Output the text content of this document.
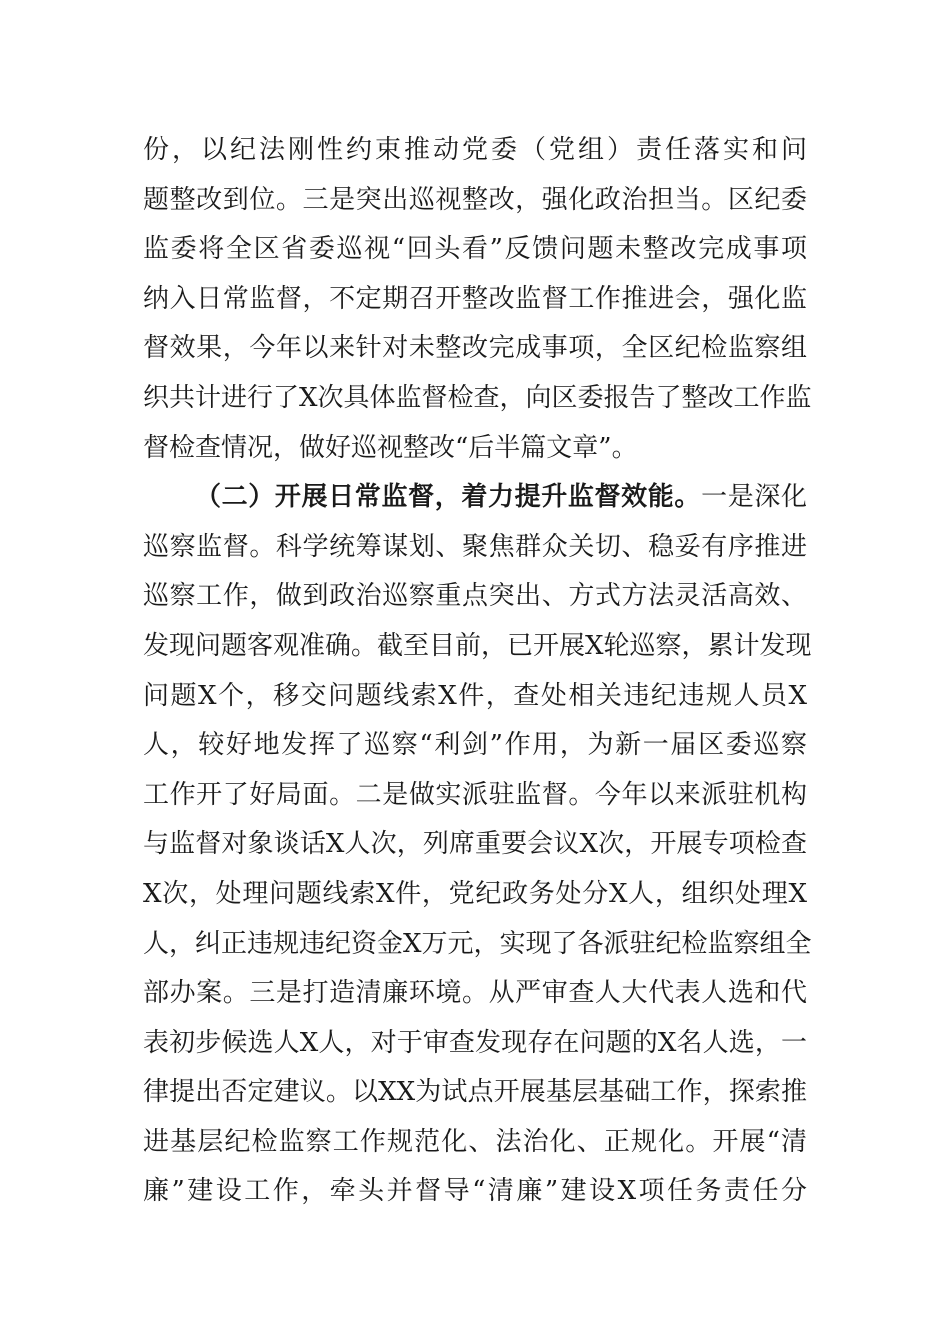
份，以纪法刚性约束推动党委（党组）责任落实和问
题整改到位。三是突出巡视整改，强化政治担当。区纪委
监委将全区省委巡视“回头看”反馈问题未整改完成事项
纳入日常监督，不定期召开整改监督工作推进会，强化监
督效果，今年以来针对未整改完成事项，全区纪检监察组
织共计进行了X次具体监督检查，向区委报告了整改工作监
督检查情况，做好巡视整改“后半篇文章”。
（二）开展日常监督，着力提升监督效能。一是深化
巡察监督。科学统筹谋划、聚焦群众关切、稳妥有序推进
巡察工作，做到政治巡察重点突出、方式方法灵活高效、
发现问题客观准确。截至目前，已开展X轮巡察，累计发现
问题X个，移交问题线索X件，查处相关违纪违规人员X
人，较好地发挥了巡察“利剑”作用，为新一届区委巡察
工作开了好局面。二是做实派驻监督。今年以来派驻机构
与监督对象谈话X人次，列席重要会议X次，开展专项检查
X次，处理问题线索X件，党纪政务处分X人，组织处理X
人，纠正违规违纪资金X万元，实现了各派驻纪检监察组全
部办案。三是打造清廉环境。从严审查人大代表人选和代
表初步候选人X人，对于审查发现存在问题的X名人选，一
律提出否定建议。以XX为试点开展基层基础工作，探索推
进基层纪检监察工作规范化、法治化、正规化。开展“清
廉”建设工作，牵头并督导“清廉”建设X项任务责任分
